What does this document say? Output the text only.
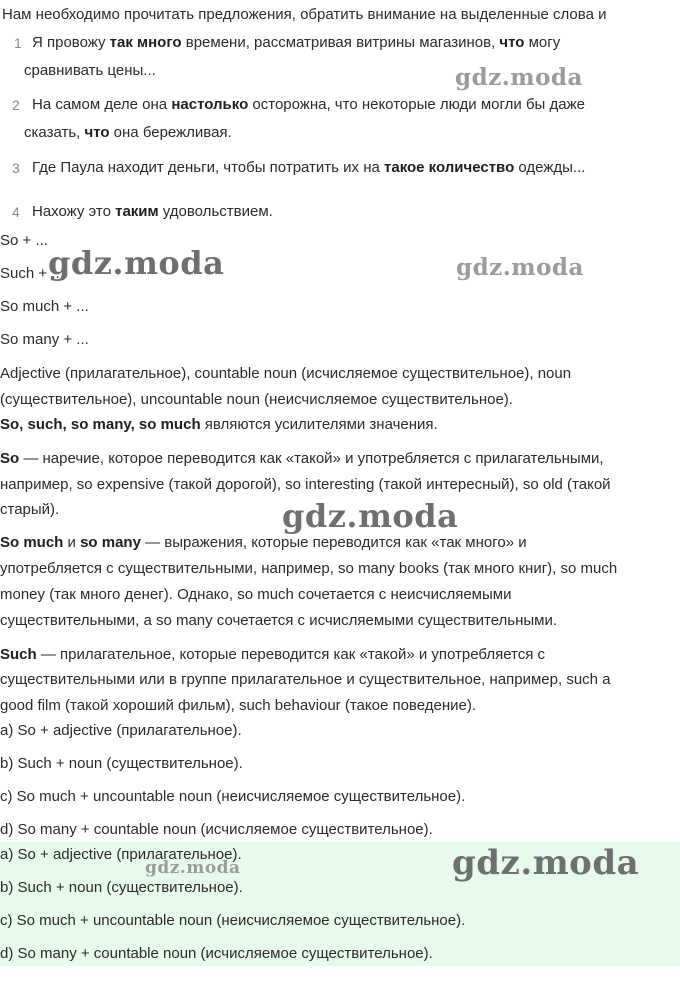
Нам необходимо прочитать предложения, обратить внимание на выделенные слова и
1 Я провожу так много времени, рассматривая витрины магазинов, что могу
сравнивать цены...
2 На самом деле она настолько осторожна, что некоторые люди могли бы даже
сказать, что она бережливая.
3 Где Паула находит деньги, чтобы потратить их на такое количество одежды...
4 Нахожу это таким удовольствием.
So + ...
Such + ...
So much + ...
So many + ...
Adjective (прилагательное), countable noun (исчисляемое существительное), noun
(существительное), uncountable noun (неисчисляемое существительное).
So, such, so many, so much являются усилителями значения.
So — наречие, которое переводится как «такой» и употребляется с прилагательными,
например, so expensive (такой дорогой), so interesting (такой интересный), so old (такой
старый).
So much и so many — выражения, которые переводится как «так много» и
употребляется с существительными, например, so many books (так много книг), so much
money (так много денег). Однако, so much сочетается с неисчисляемыми
существительными, а so many сочетается с исчисляемыми существительными.
Such — прилагательное, которые переводится как «такой» и употребляется с
существительными или в группе прилагательное и существительное, например, such a
good film (такой хороший фильм), such behaviour (такое поведение).
a) So + adjective (прилагательное).
b) Such + noun (существительное).
c) So much + uncountable noun (неисчисляемое существительное).
d) So many + countable noun (исчисляемое существительное).
a) So + adjective (прилагательное).
b) Such + noun (существительное).
c) So much + uncountable noun (неисчисляемое существительное).
d) So many + countable noun (исчисляемое существительное).
gdz.moda
gdz.moda	gdz.moda
gdz.moda
gdz.moda	gdz.moda
